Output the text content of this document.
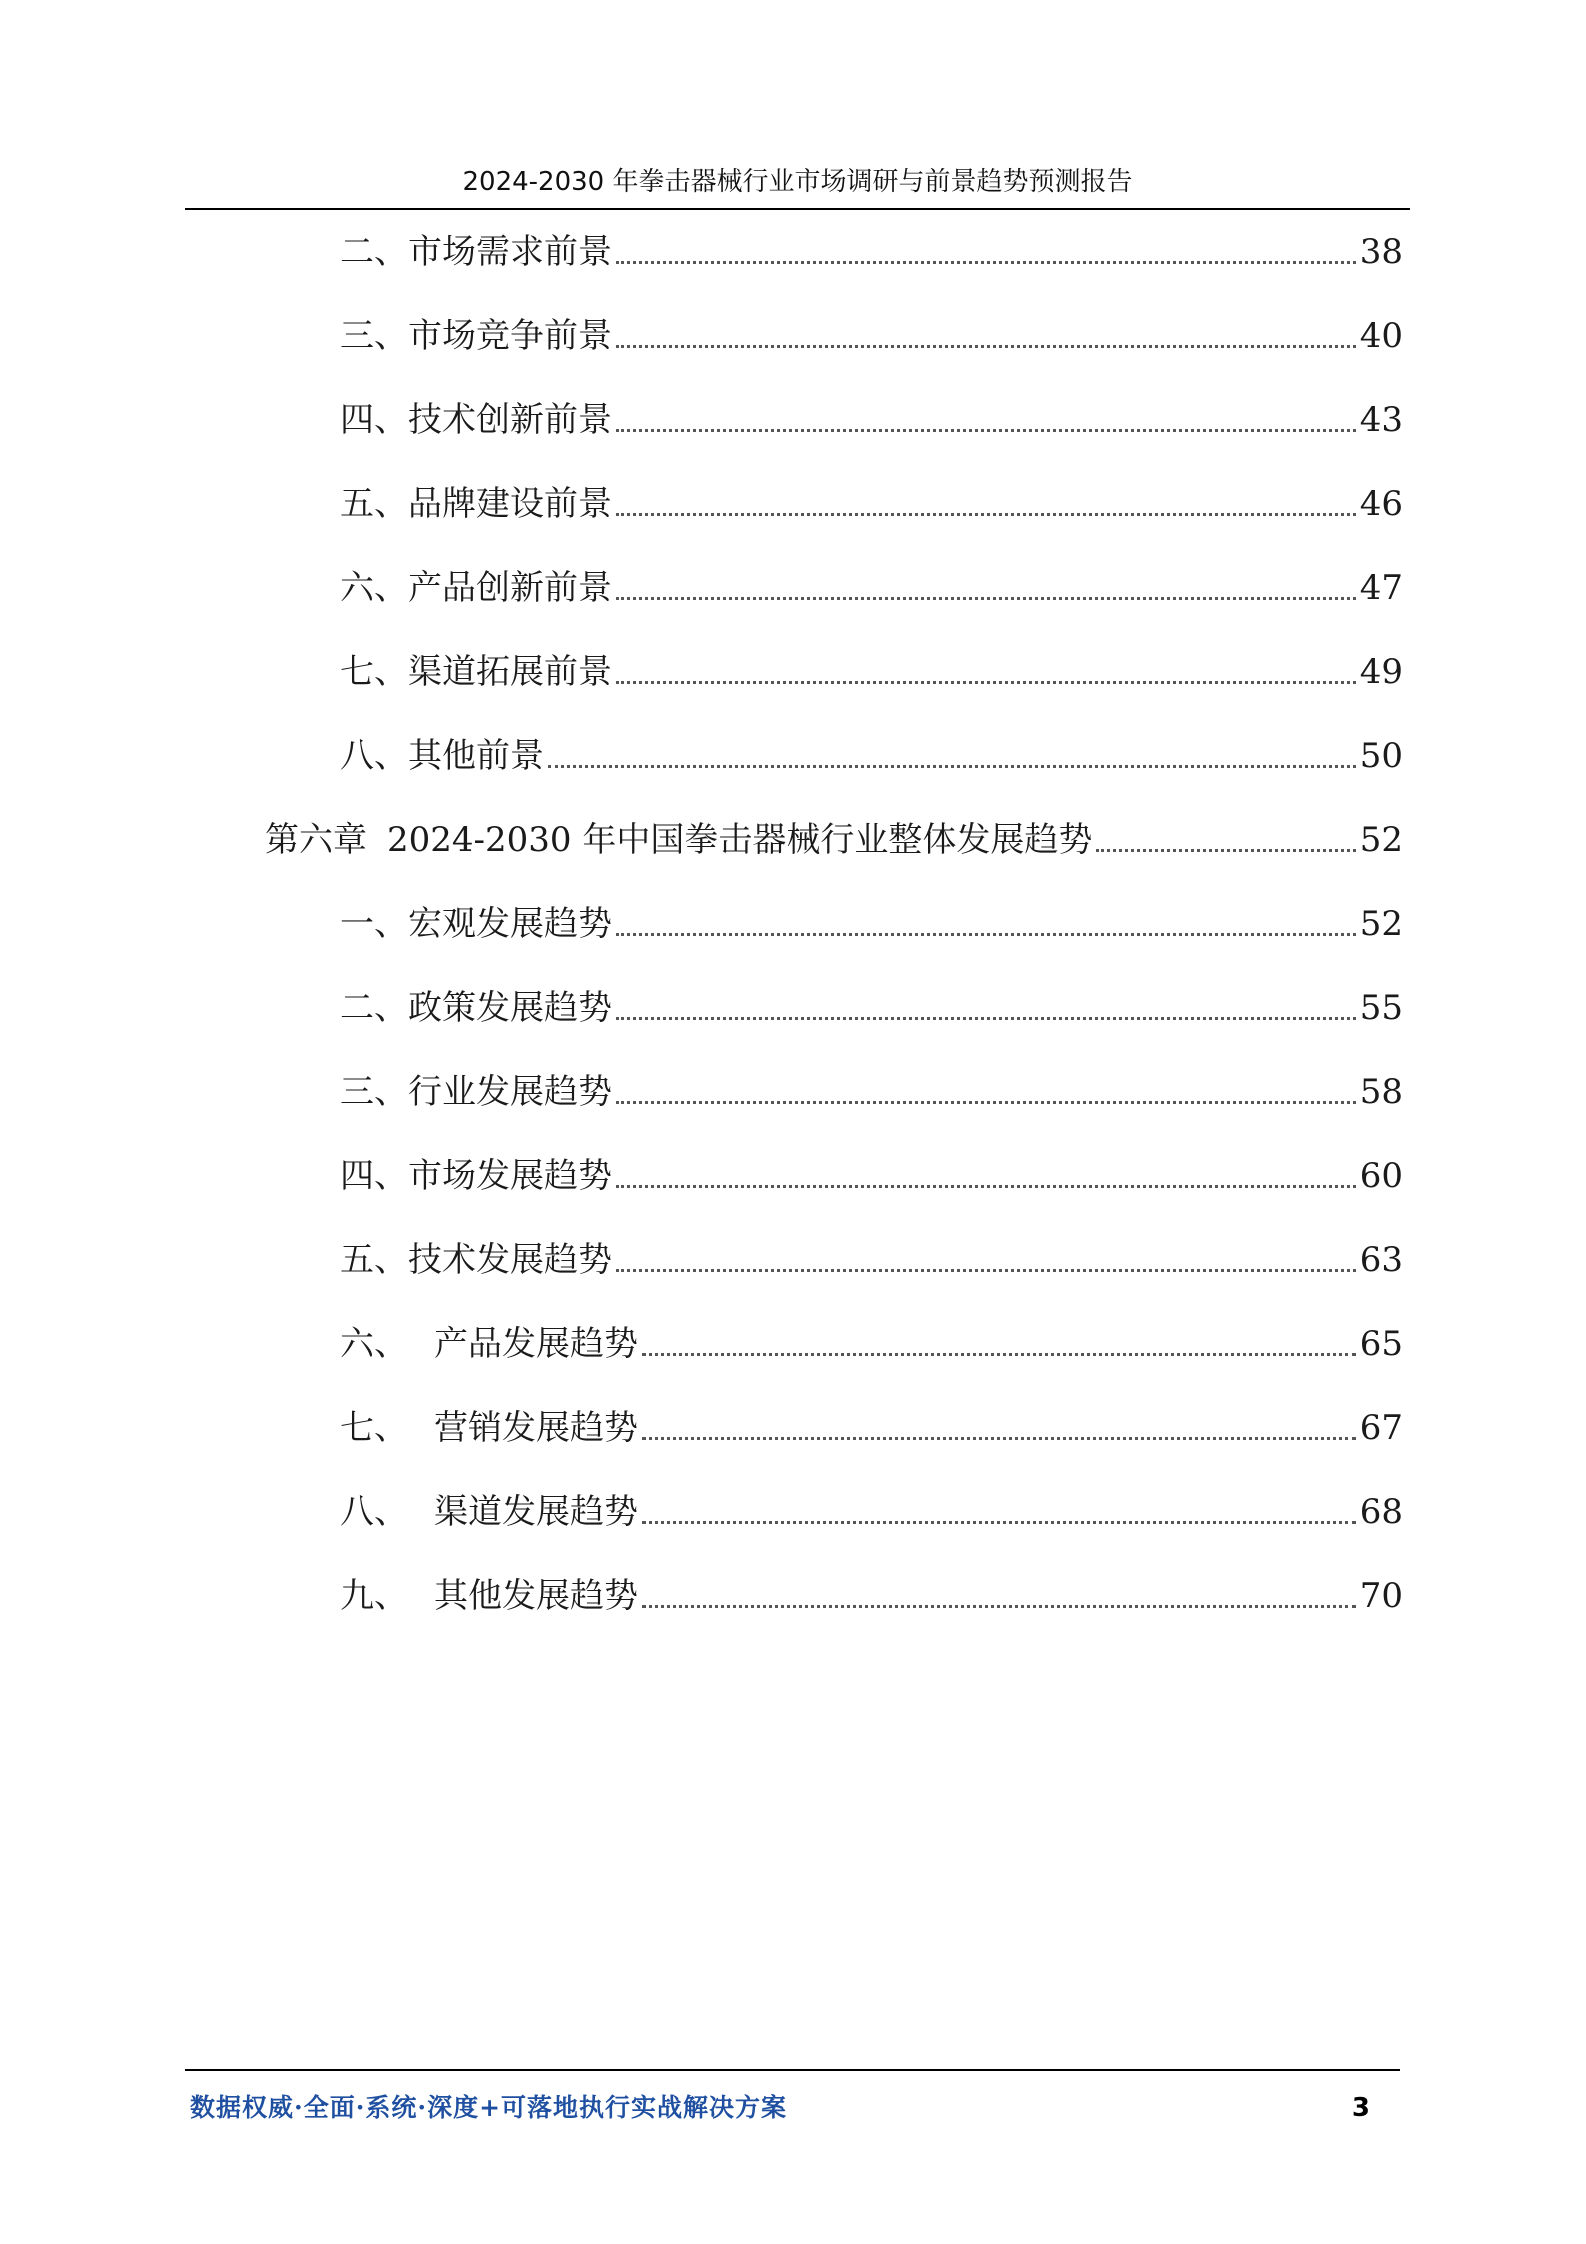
2024-2030 年拳击器械行业市场调研与前景趋势预测报告
二、 市场需求前景	38
三、 市场竞争前景	40
四、 技术创新前景	43
五、 品牌建设前景	46
六、 产品创新前景	47
七、 渠道拓展前景	49
八、 其他前景	50
第六章 2024-2030 年中国拳击器械行业整体发展趋势	52
一、 宏观发展趋势	52
二、 政策发展趋势	55
三、 行业发展趋势	58
四、 市场发展趋势	60
五、 技术发展趋势	63
六、 产品发展趋势	65
七、 营销发展趋势	67
八、 渠道发展趋势	68
九、 其他发展趋势	70
数据权威·全面·系统·深度+可落地执行实战解决方案	3
